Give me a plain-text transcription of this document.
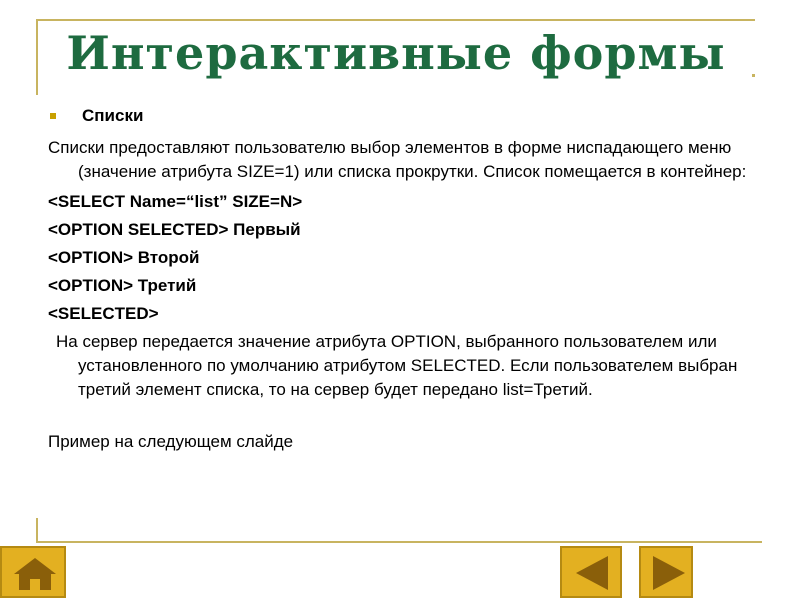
Интерактивные формы
Списки

Списки предоставляют пользователю выбор элементов в форме ниспадающего меню (значение атрибута SIZE=1) или списка прокрутки. Список помещается в контейнер:

<SELECT Name=“list” SIZE=N>

<OPTION SELECTED> Первый

<OPTION> Второй

<OPTION> Третий

<SELECTED>

На сервер передается значение атрибута OPTION, выбранного пользователем или установленного по умолчанию атрибутом SELECTED. Если пользователем выбран третий элемент списка, то на сервер будет передано list=Третий.

Пример на следующем слайде
